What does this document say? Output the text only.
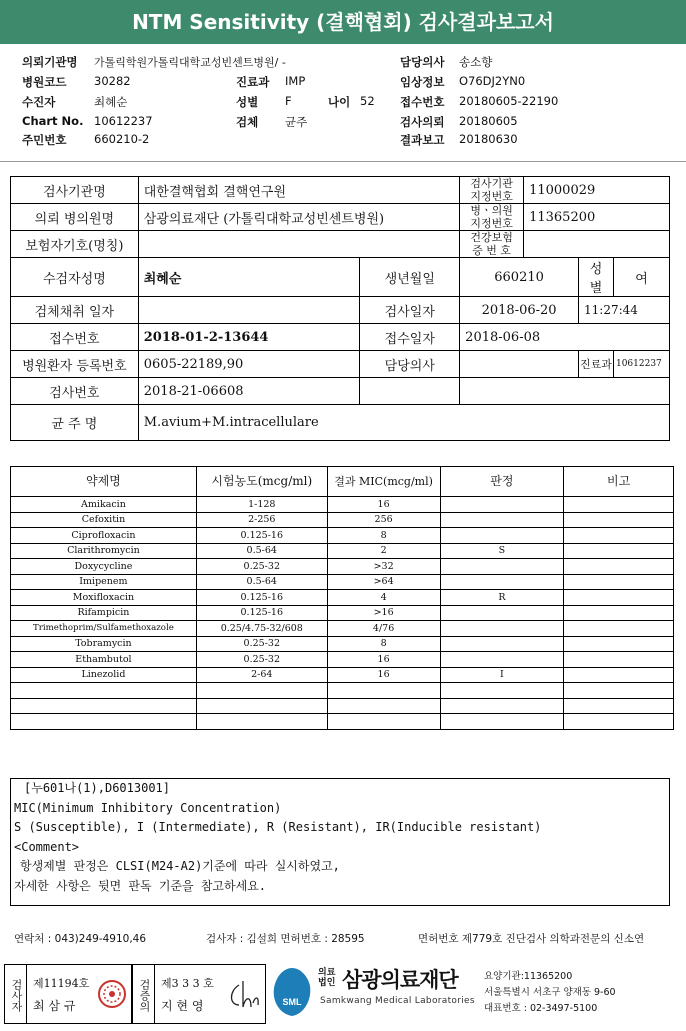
NTM Sensitivity (결핵협회) 검사결과보고서
의뢰기관명 가톨릭학원가톨릭대학교성빈센트병원/ -	담당의사 송소향
병원코드 30282	진료과 IMP	임상정보 O76DJ2YN0
수진자	최혜순	성별 F	나이 52 접수번호 20180605-22190
Chart No. 10612237	검체 균주	검사의뢰 20180605
주민번호 660210-2	결과보고 20180630
검사기관명	대한결핵협회 결핵연구원		검사기관 지정번호	11000029		
의뢰 병의원명	삼광의료재단 (가톨릭대학교성빈센트병원)		병ㆍ의원 지정번호	11365200		
보험자기호(명칭)			건강보험 증 번 호			
수검자성명	최혜순	생년월일	660210		성별	여
검체채취 일자		검사일자	2018-06-20		11:27:44	
접수번호	2018-01-2-13644	접수일자	2018-06-08			
병원환자 등록번호	0605-22189,90	담당의사			진료과	10612237
검사번호	2018-21-06608					
균 주 명	M.avium+M.intracellulare					
약제명	시험농도(mcg/ml)	결과 MIC(mcg/ml)	판정	비고
Amikacin	1-128	16		
Cefoxitin	2-256	256		
Ciprofloxacin	0.125-16	8		
Clarithromycin	0.5-64	2	S	
Doxycycline	0.25-32	>32		
Imipenem	0.5-64	>64		
Moxifloxacin	0.125-16	4	R	
Rifampicin	0.125-16	>16		
Trimethoprim/Sulfamethoxazole	0.25/4.75-32/608	4/76		
Tobramycin	0.25-32	8		
Ethambutol	0.25-32	16		
Linezolid	2-64	16	I	

[누601나(1),D6013001]
MIC(Minimum Inhibitory Concentration)
S (Susceptible), I (Intermediate), R (Resistant), IR(Inducible resistant)
<Comment>
항생제별 판정은 CLSI(M24-A2)기준에 따라 실시하였고,
자세한 사항은 뒷면 판독 기준을 참고하세요.
연락처 : 043)249-4910,46	검사자 : 김설희 면허번호 : 28595	면허번호 제779호 진단검사 의학과전문의 신소연
검사자 제11194호
최 삼 규	검증의 제3 3 3 호
지 현 영	SML
의료 법인 삼광의료재단
Samkwang Medical Laboratories
요양기관:11365200
서울특별시 서초구 양재동 9-60
대표번호 : 02-3497-5100
